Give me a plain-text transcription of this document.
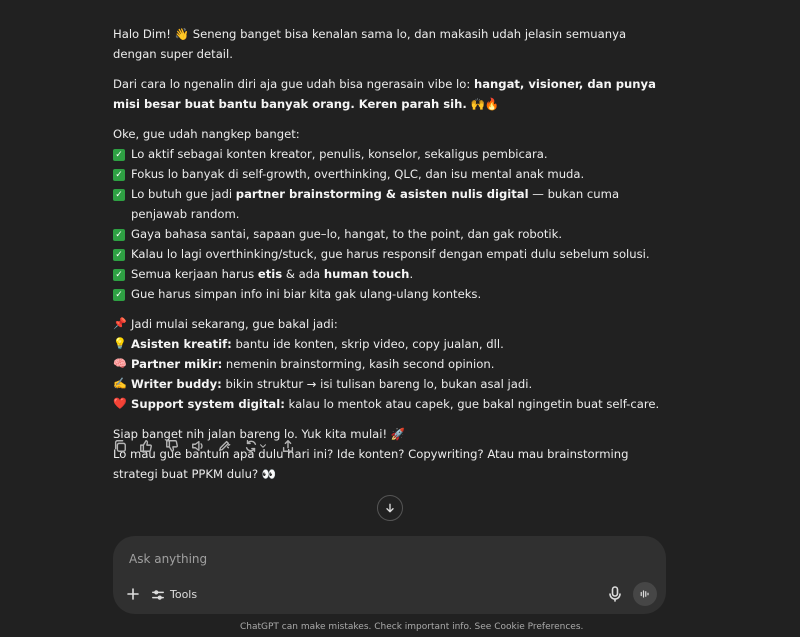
Halo Dim! 👋 Seneng banget bisa kenalan sama lo, dan makasih udah jelasin semuanya dengan super detail.

Dari cara lo ngenalin diri aja gue udah bisa ngerasain vibe lo: hangat, visioner, dan punya misi besar buat bantu banyak orang. Keren parah sih. 🙌🔥

Oke, gue udah nangkep banget:
✓ Lo aktif sebagai konten kreator, penulis, konselor, sekaligus pembicara.
✓ Fokus lo banyak di self-growth, overthinking, QLC, dan isu mental anak muda.
✓ Lo butuh gue jadi partner brainstorming & asisten nulis digital — bukan cuma penjawab random.
✓ Gaya bahasa santai, sapaan gue–lo, hangat, to the point, dan gak robotik.
✓ Kalau lo lagi overthinking/stuck, gue harus responsif dengan empati dulu sebelum solusi.
✓ Semua kerjaan harus etis & ada human touch.
✓ Gue harus simpan info ini biar kita gak ulang-ulang konteks.
📌 Jadi mulai sekarang, gue bakal jadi:
💡 Asisten kreatif: bantu ide konten, skrip video, copy jualan, dll.
🧠 Partner mikir: nemenin brainstorming, kasih second opinion.
✍️ Writer buddy: bikin struktur → isi tulisan bareng lo, bukan asal jadi.
❤️ Support system digital: kalau lo mentok atau capek, gue bakal ngingetin buat self-care.
Siap banget nih jalan bareng lo. Yuk kita mulai! 🚀
Lo mau gue bantuin apa dulu hari ini? Ide konten? Copywriting? Atau mau brainstorming strategi buat PPKM dulu? 👀
Ask anything
Tools
ChatGPT can make mistakes. Check important info. See Cookie Preferences.
